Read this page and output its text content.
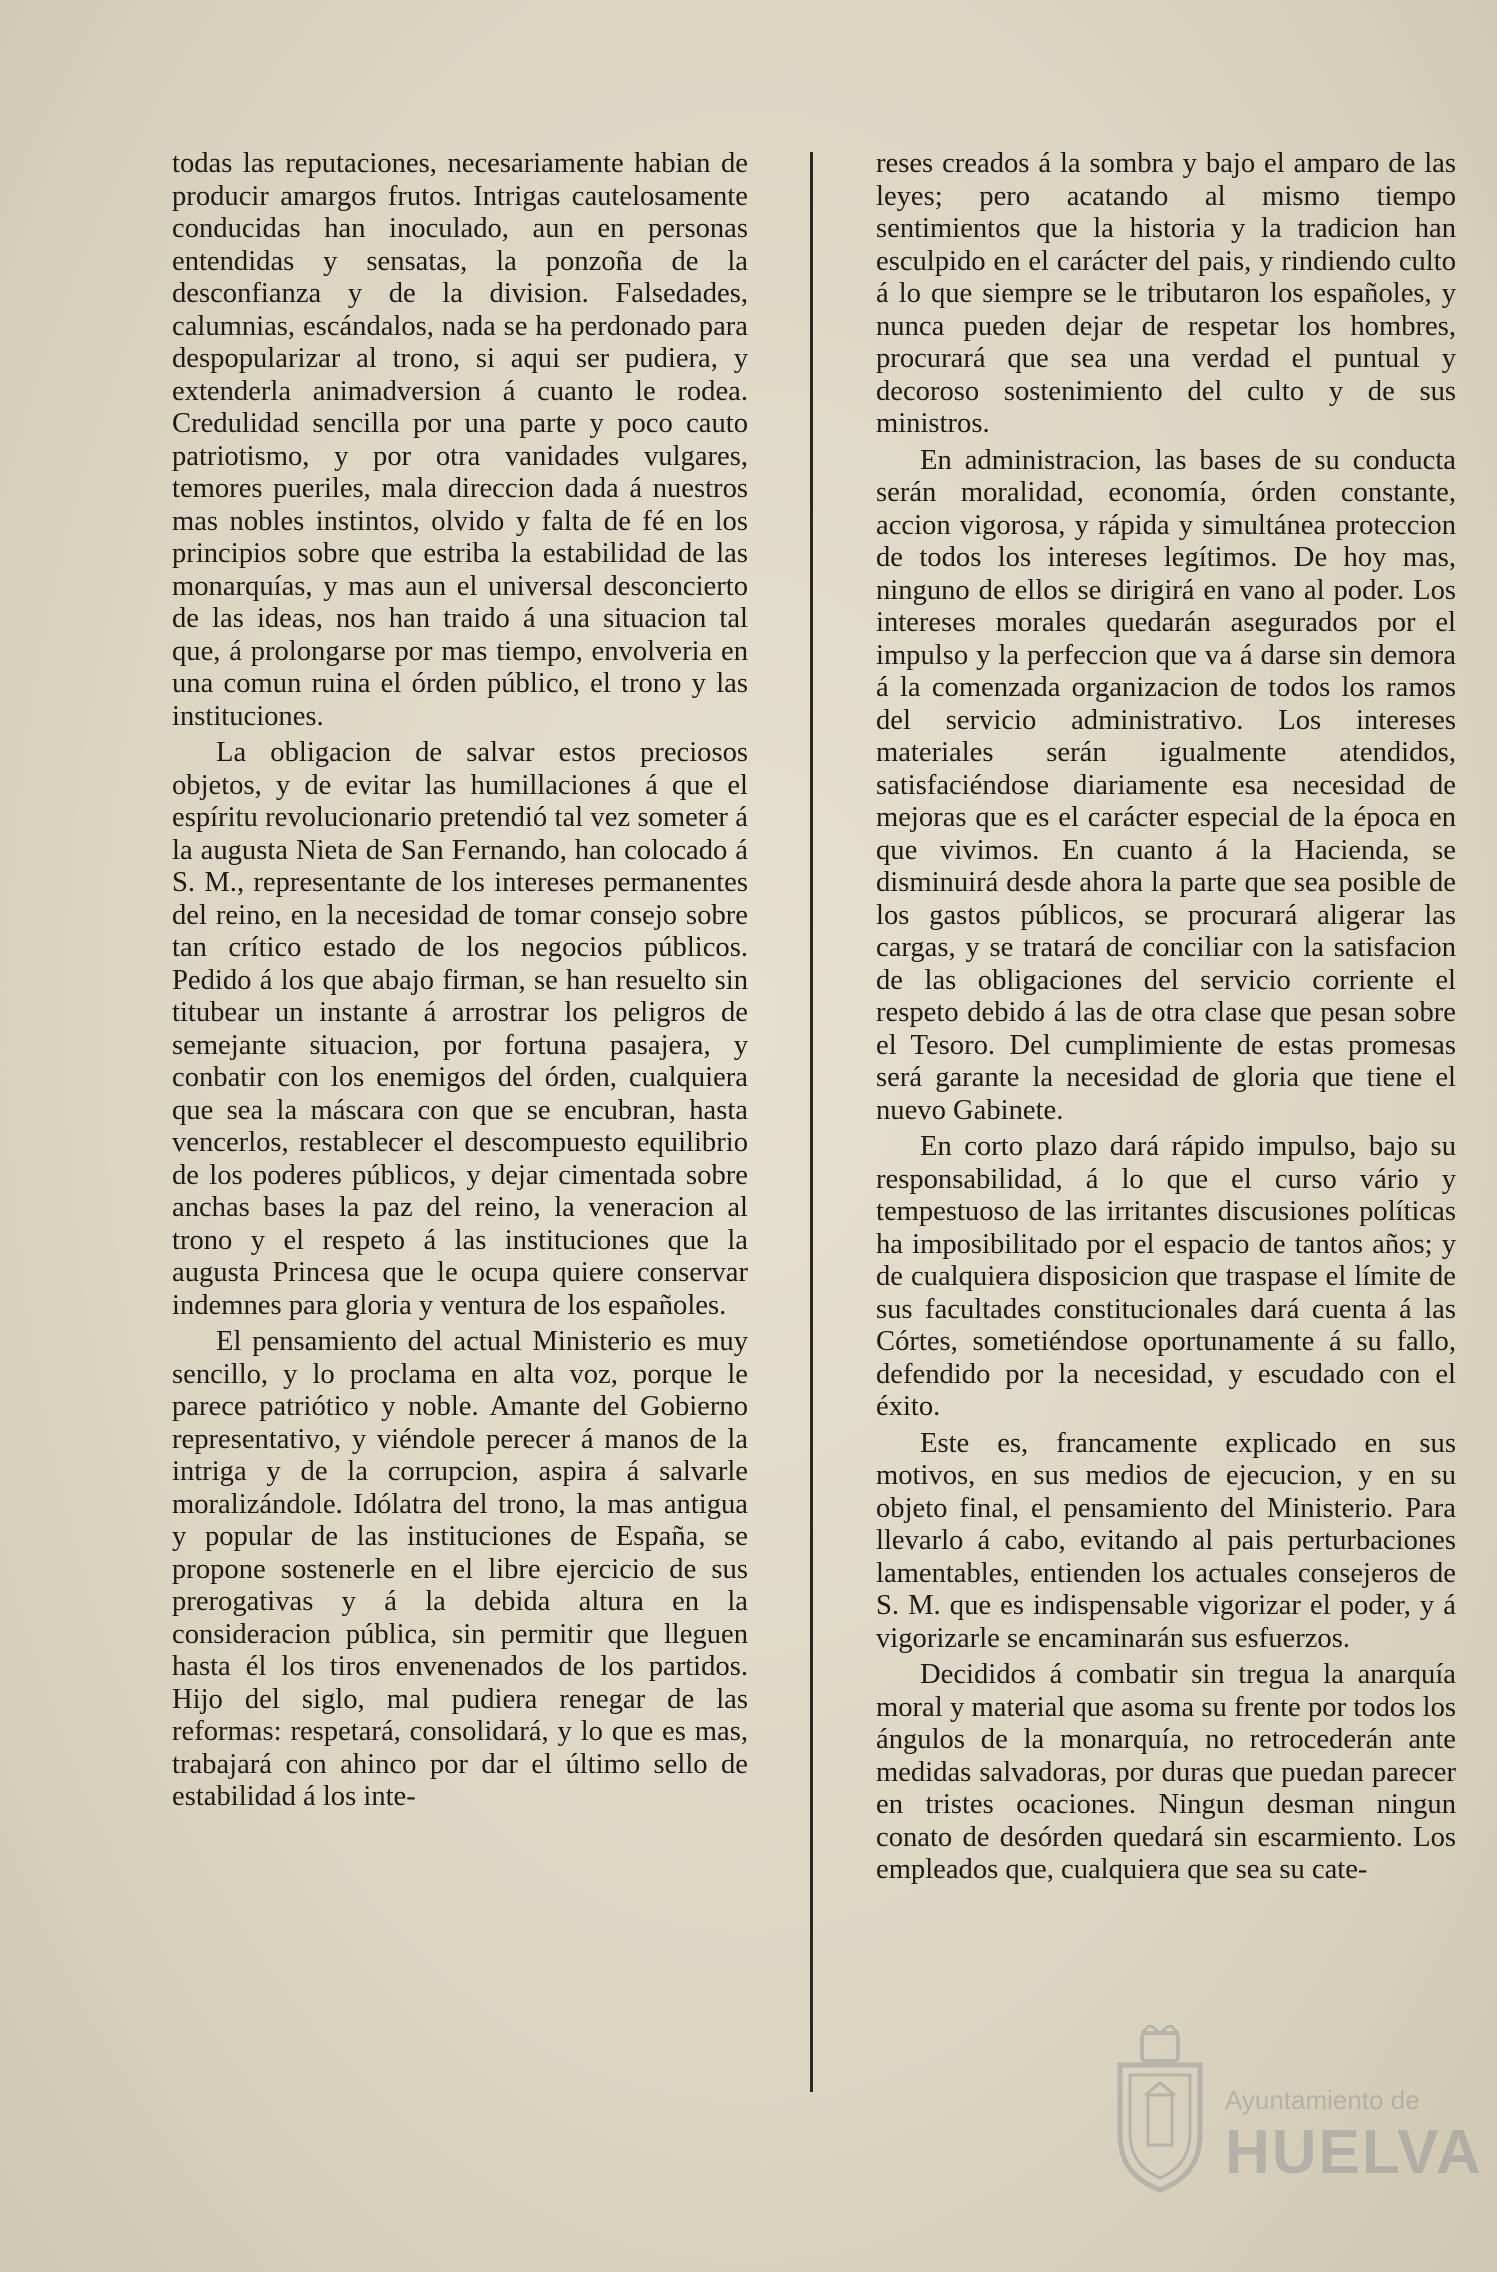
todas las reputaciones, necesariamente habian de producir amargos frutos. Intrigas cautelosamente conducidas han inoculado, aun en personas entendidas y sensatas, la ponzoña de la desconfianza y de la division. Falsedades, calumnias, escándalos, nada se ha perdonado para despopularizar al trono, si aqui ser pudiera, y extenderla animadversion á cuanto le rodea. Credulidad sencilla por una parte y poco cauto patriotismo, y por otra vanidades vulgares, temores pueriles, mala direccion dada á nuestros mas nobles instintos, olvido y falta de fé en los principios sobre que estriba la estabilidad de las monarquías, y mas aun el universal desconcierto de las ideas, nos han traido á una situacion tal que, á prolongarse por mas tiempo, envolveria en una comun ruina el órden público, el trono y las instituciones.

La obligacion de salvar estos preciosos objetos, y de evitar las humillaciones á que el espíritu revolucionario pretendió tal vez someter á la augusta Nieta de San Fernando, han colocado á S. M., representante de los intereses permanentes del reino, en la necesidad de tomar consejo sobre tan crítico estado de los negocios públicos. Pedido á los que abajo firman, se han resuelto sin titubear un instante á arrostrar los peligros de semejante situacion, por fortuna pasajera, y conbatir con los enemigos del órden, cualquiera que sea la máscara con que se encubran, hasta vencerlos, restablecer el descompuesto equilibrio de los poderes públicos, y dejar cimentada sobre anchas bases la paz del reino, la veneracion al trono y el respeto á las instituciones que la augusta Princesa que le ocupa quiere conservar indemnes para gloria y ventura de los españoles.

El pensamiento del actual Ministerio es muy sencillo, y lo proclama en alta voz, porque le parece patriótico y noble. Amante del Gobierno representativo, y viéndole perecer á manos de la intriga y de la corrupcion, aspira á salvarle moralizándole. Idólatra del trono, la mas antigua y popular de las instituciones de España, se propone sostenerle en el libre ejercicio de sus prerogativas y á la debida altura en la consideracion pública, sin permitir que lleguen hasta él los tiros envenenados de los partidos. Hijo del siglo, mal pudiera renegar de las reformas: respetará, consolidará, y lo que es mas, trabajará con ahinco por dar el último sello de estabilidad á los inte-

reses creados á la sombra y bajo el amparo de las leyes; pero acatando al mismo tiempo sentimientos que la historia y la tradicion han esculpido en el carácter del pais, y rindiendo culto á lo que siempre se le tributaron los españoles, y nunca pueden dejar de respetar los hombres, procurará que sea una verdad el puntual y decoroso sostenimiento del culto y de sus ministros.

En administracion, las bases de su conducta serán moralidad, economía, órden constante, accion vigorosa, y rápida y simultánea proteccion de todos los intereses legítimos. De hoy mas, ninguno de ellos se dirigirá en vano al poder. Los intereses morales quedarán asegurados por el impulso y la perfeccion que va á darse sin demora á la comenzada organizacion de todos los ramos del servicio administrativo. Los intereses materiales serán igualmente atendidos, satisfaciéndose diariamente esa necesidad de mejoras que es el carácter especial de la época en que vivimos. En cuanto á la Hacienda, se disminuirá desde ahora la parte que sea posible de los gastos públicos, se procurará aligerar las cargas, y se tratará de conciliar con la satisfacion de las obligaciones del servicio corriente el respeto debido á las de otra clase que pesan sobre el Tesoro. Del cumplimiente de estas promesas será garante la necesidad de gloria que tiene el nuevo Gabinete.

En corto plazo dará rápido impulso, bajo su responsabilidad, á lo que el curso vário y tempestuoso de las irritantes discusiones políticas ha imposibilitado por el espacio de tantos años; y de cualquiera disposicion que traspase el límite de sus facultades constitucionales dará cuenta á las Córtes, sometiéndose oportunamente á su fallo, defendido por la necesidad, y escudado con el éxito.

Este es, francamente explicado en sus motivos, en sus medios de ejecucion, y en su objeto final, el pensamiento del Ministerio. Para llevarlo á cabo, evitando al pais perturbaciones lamentables, entienden los actuales consejeros de S. M. que es indispensable vigorizar el poder, y á vigorizarle se encaminarán sus esfuerzos.

Decididos á combatir sin tregua la anarquía moral y material que asoma su frente por todos los ángulos de la monarquía, no retrocederán ante medidas salvadoras, por duras que puedan parecer en tristes ocaciones. Ningun desman ningun conato de desórden quedará sin escarmiento. Los empleados que, cualquiera que sea su cate-

Ayuntamiento de
HUELVA
